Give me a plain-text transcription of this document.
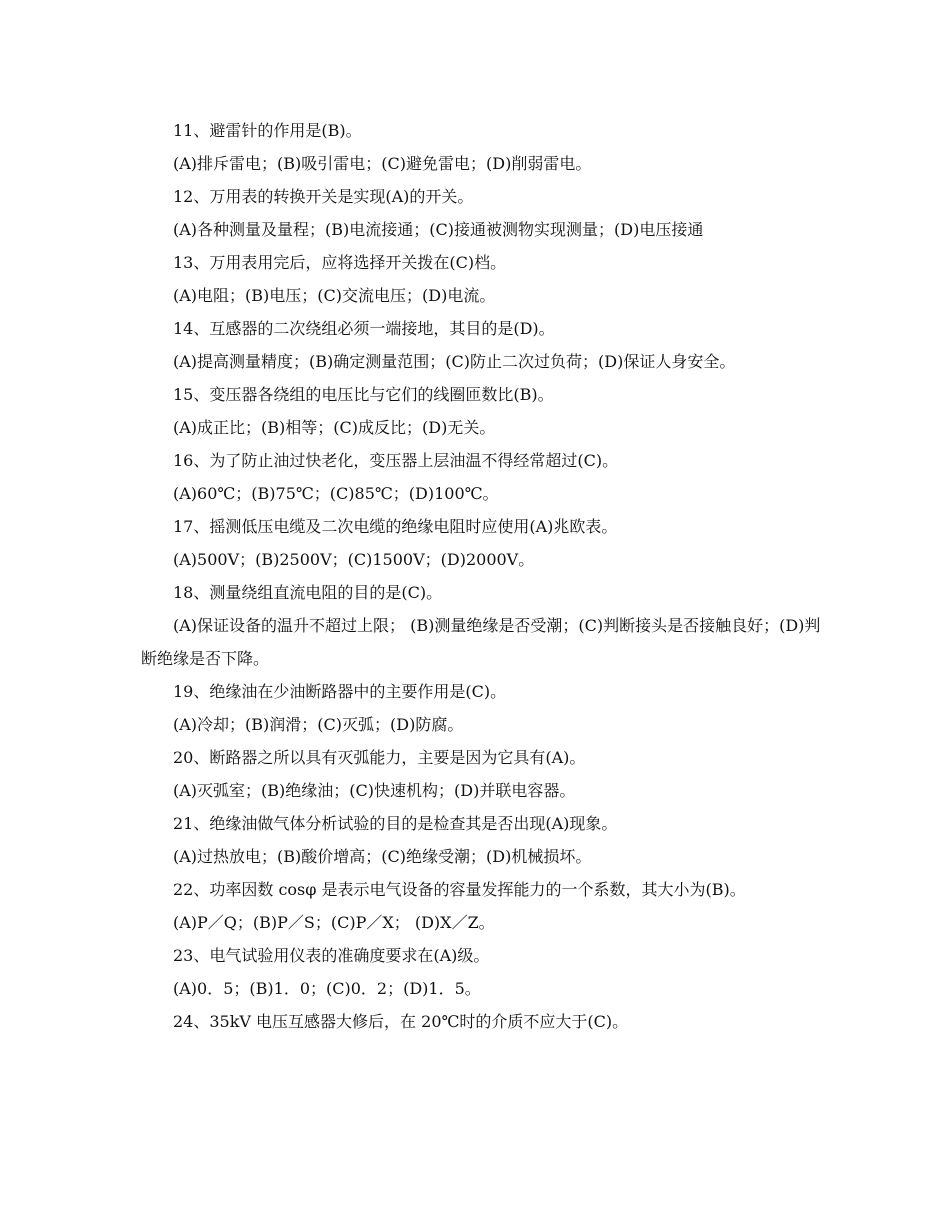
11、避雷针的作用是(B)。

(A)排斥雷电；(B)吸引雷电；(C)避免雷电；(D)削弱雷电。

12、万用表的转换开关是实现(A)的开关。

(A)各种测量及量程；(B)电流接通；(C)接通被测物实现测量；(D)电压接通

13、万用表用完后，应将选择开关拨在(C)档。

(A)电阻；(B)电压；(C)交流电压；(D)电流。

14、互感器的二次绕组必须一端接地，其目的是(D)。

(A)提高测量精度；(B)确定测量范围；(C)防止二次过负荷；(D)保证人身安全。

15、变压器各绕组的电压比与它们的线圈匝数比(B)。

(A)成正比；(B)相等；(C)成反比；(D)无关。

16、为了防止油过快老化，变压器上层油温不得经常超过(C)。

(A)60℃；(B)75℃；(C)85℃；(D)100℃。

17、摇测低压电缆及二次电缆的绝缘电阻时应使用(A)兆欧表。

(A)500V；(B)2500V；(C)1500V；(D)2000V。

18、测量绕组直流电阻的目的是(C)。

(A)保证设备的温升不超过上限； (B)测量绝缘是否受潮；(C)判断接头是否接触良好；(D)判断绝缘是否下降。

19、绝缘油在少油断路器中的主要作用是(C)。

(A)冷却；(B)润滑；(C)灭弧；(D)防腐。

20、断路器之所以具有灭弧能力，主要是因为它具有(A)。

(A)灭弧室；(B)绝缘油；(C)快速机构；(D)并联电容器。

21、绝缘油做气体分析试验的目的是检查其是否出现(A)现象。

(A)过热放电；(B)酸价增高；(C)绝缘受潮；(D)机械损坏。

22、功率因数 cosφ 是表示电气设备的容量发挥能力的一个系数，其大小为(B)。

(A)P／Q；(B)P／S；(C)P／X； (D)X／Z。

23、电气试验用仪表的准确度要求在(A)级。

(A)0．5；(B)1．0；(C)0．2；(D)1．5。

24、35kV 电压互感器大修后，在 20℃时的介质不应大于(C)。
